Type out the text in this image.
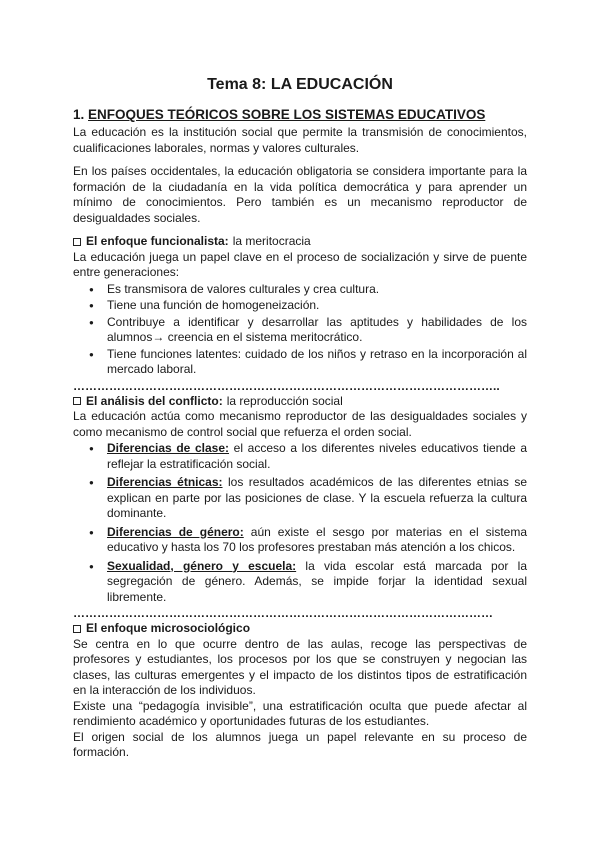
Tema 8: LA EDUCACIÓN
1. ENFOQUES TEÓRICOS SOBRE LOS SISTEMAS EDUCATIVOS

La educación es la institución social que permite la transmisión de conocimientos, cualificaciones laborales, normas y valores culturales.

En los países occidentales, la educación obligatoria se considera importante para la formación de la ciudadanía en la vida política democrática y para aprender un mínimo de conocimientos. Pero también es un mecanismo reproductor de desigualdades sociales.

El enfoque funcionalista: la meritocracia

La educación juega un papel clave en el proceso de socialización y sirve de puente entre generaciones:

● Es transmisora de valores culturales y crea cultura.
● Tiene una función de homogeneización.
● Contribuye a identificar y desarrollar las aptitudes y habilidades de los alumnos→ creencia en el sistema meritocrático.
● Tiene funciones latentes: cuidado de los niños y retraso en la incorporación al mercado laboral.
……………………………………………………………………………………………..
El análisis del conflicto: la reproducción social

La educación actúa como mecanismo reproductor de las desigualdades sociales y como mecanismo de control social que refuerza el orden social.

● Diferencias de clase: el acceso a los diferentes niveles educativos tiende a reflejar la estratificación social.
● Diferencias étnicas: los resultados académicos de las diferentes etnias se explican en parte por las posiciones de clase. Y la escuela refuerza la cultura dominante.
● Diferencias de género: aún existe el sesgo por materias en el sistema educativo y hasta los 70 los profesores prestaban más atención a los chicos.
● Sexualidad, género y escuela: la vida escolar está marcada por la segregación de género. Además, se impide forjar la identidad sexual libremente.
……………………………………………………………………………………………
El enfoque microsociológico

Se centra en lo que ocurre dentro de las aulas, recoge las perspectivas de profesores y estudiantes, los procesos por los que se construyen y negocian las clases, las culturas emergentes y el impacto de los distintos tipos de estratificación en la interacción de los individuos.

Existe una “pedagogía invisible”, una estratificación oculta que puede afectar al rendimiento académico y oportunidades futuras de los estudiantes.

El origen social de los alumnos juega un papel relevante en su proceso de formación.
